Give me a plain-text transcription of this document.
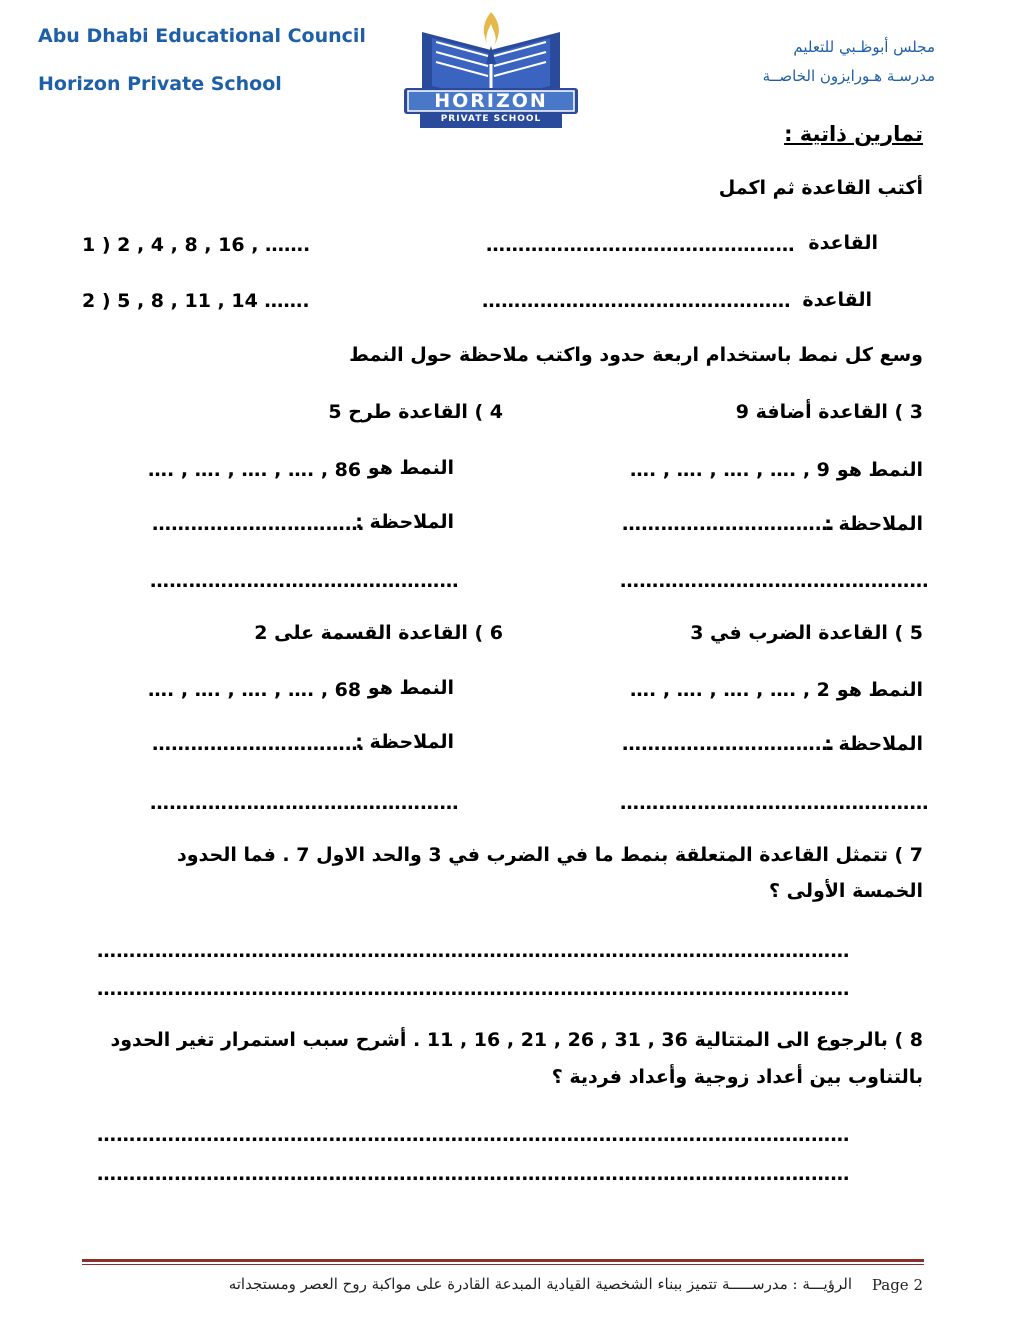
Abu Dhabi Educational Council
Horizon Private School
مجلس أبوظـبي للتعليم
مدرسـة هـورايزون الخاصــة
HORIZON
PRIVATE SCHOOL
تمارين ذاتية :
أكتب القاعدة ثم اكمل
القاعدة
…………………………………………
1 ) 2 , 4 , 8 , 16 , …….
القاعدة
…………………………………………
2 ) 5 , 8 , 11 , 14 …….
وسع كل نمط باستخدام اربعة حدود واكتب ملاحظة حول النمط
3 ) القاعدة أضافة 9
4 ) القاعدة طرح 5
النمط هو
…. , …. , …. , …. , 9
النمط هو
…. , …. , …. , …. , 86
الملاحظة :
……………………………
…………………………………………
الملاحظة :
……………………………
…………………………………………
5 ) القاعدة الضرب في 3
6 ) القاعدة القسمة على 2
النمط هو
…. , …. , …. , …. , 2
النمط هو
…. , …. , …. , …. , 68
الملاحظة :
……………………………
…………………………………………
الملاحظة :
……………………………
…………………………………………
7 ) تتمثل القاعدة المتعلقة بنمط ما في الضرب في 3 والحد الاول 7 . فما الحدود
الخمسة الأولى ؟
………………………………………………………………………………………………………
………………………………………………………………………………………………………
8 ) بالرجوع الى المتتالية 36 , 31 , 26 , 21 , 16 , 11 . أشرح سبب استمرار تغير الحدود
بالتناوب بين أعداد زوجية وأعداد فردية ؟
………………………………………………………………………………………………………
………………………………………………………………………………………………………
Page 2
الرؤيـــة : مدرســـــة تتميز ببناء الشخصية القيادية المبدعة القادرة على مواكبة روح العصر ومستجداته
